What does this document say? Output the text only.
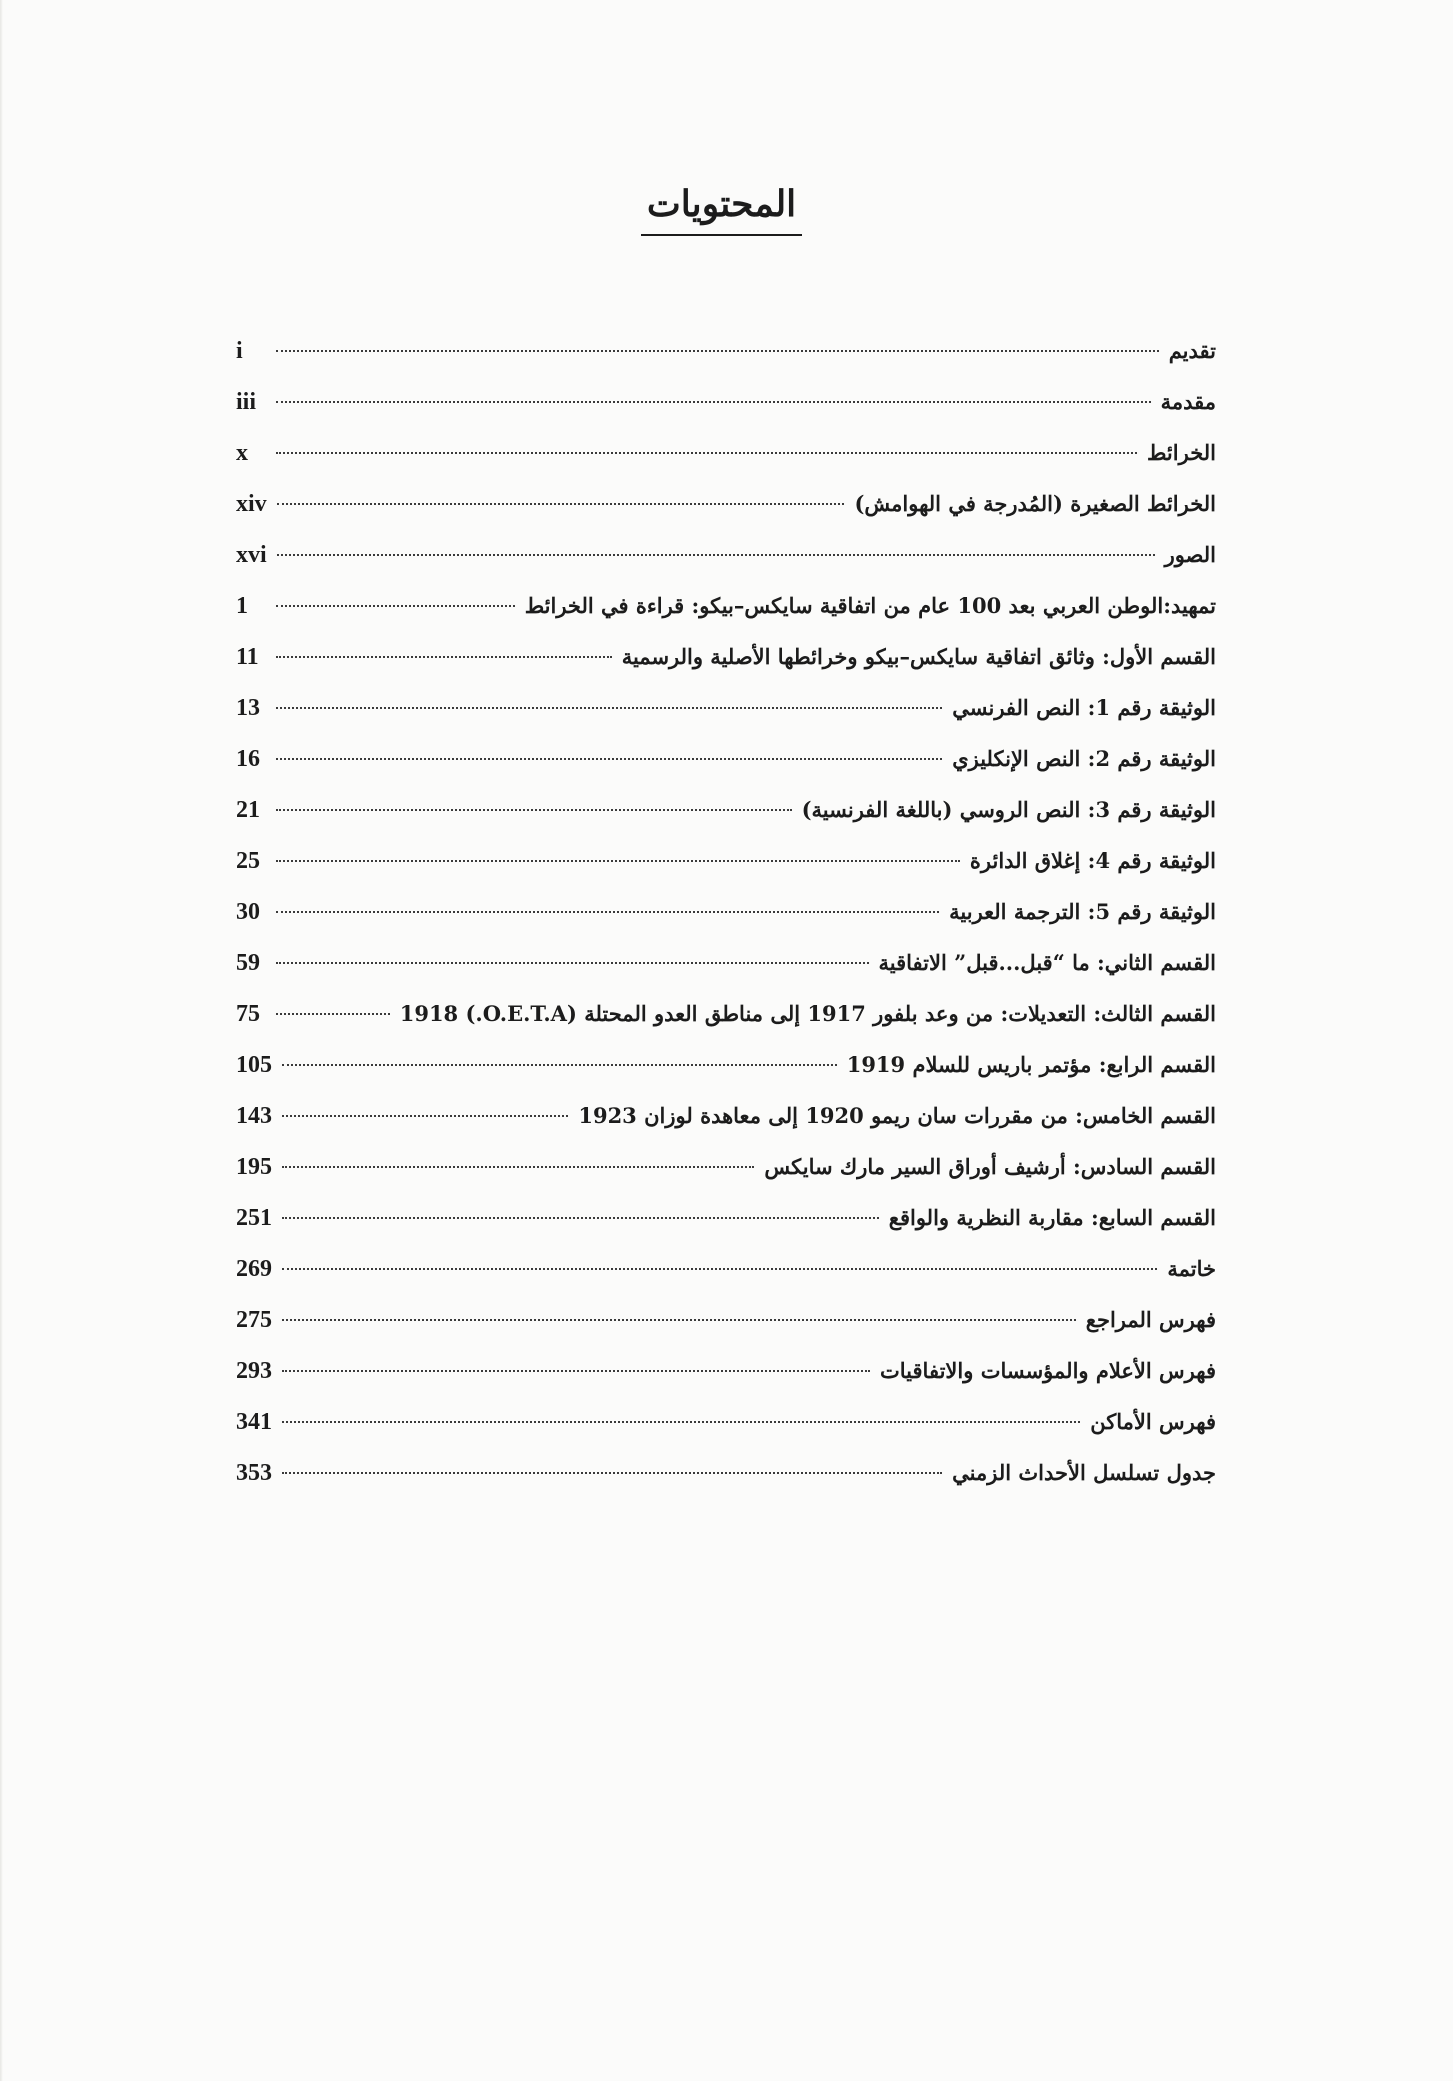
المحتويات
تقديم
i
مقدمة
iii
الخرائط
x
الخرائط الصغيرة (المُدرجة في الهوامش)
xiv
الصور
xvi
تمهيد:الوطن العربي بعد 100 عام من اتفاقية سايكس–بيكو: قراءة في الخرائط
1
القسم الأول: وثائق اتفاقية سايكس–بيكو وخرائطها الأصلية والرسمية
11
الوثيقة رقم 1: النص الفرنسي
13
الوثيقة رقم 2: النص الإنكليزي
16
الوثيقة رقم 3: النص الروسي (باللغة الفرنسية)
21
الوثيقة رقم 4: إغلاق الدائرة
25
الوثيقة رقم 5: الترجمة العربية
30
القسم الثاني: ما “قبل...قبل” الاتفاقية
59
القسم الثالث: التعديلات: من وعد بلفور 1917 إلى مناطق العدو المحتلة (O.E.T.A.) 1918
75
القسم الرابع: مؤتمر باريس للسلام 1919
105
القسم الخامس: من مقررات سان ريمو 1920 إلى معاهدة لوزان 1923
143
القسم السادس: أرشيف أوراق السير مارك سايكس
195
القسم السابع: مقاربة النظرية والواقع
251
خاتمة
269
فهرس المراجع
275
فهرس الأعلام والمؤسسات والاتفاقيات
293
فهرس الأماكن
341
جدول تسلسل الأحداث الزمني
353
